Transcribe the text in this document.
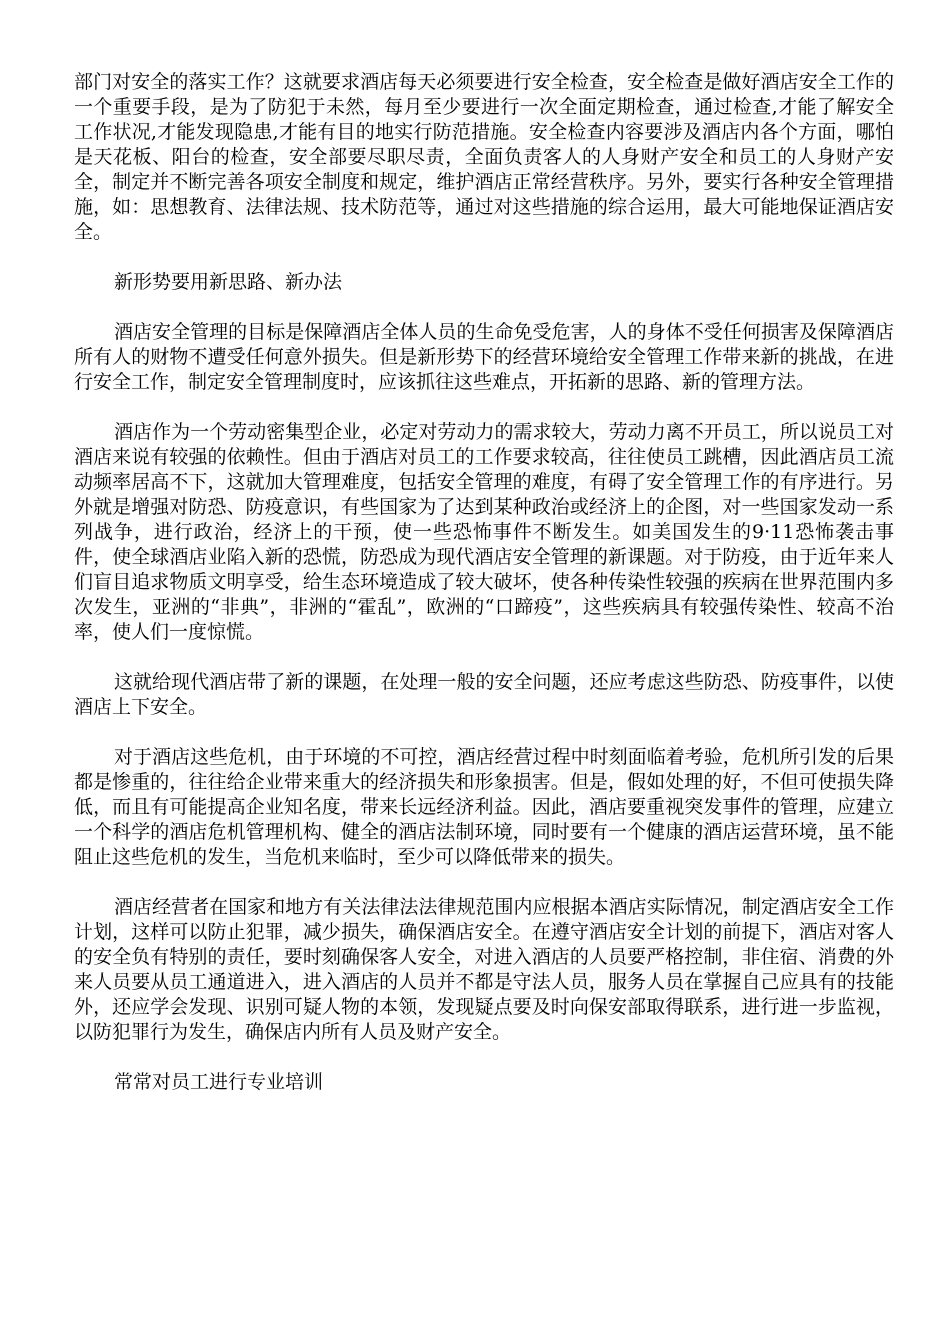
部门对安全的落实工作？这就要求酒店每天必须要进行安全检查，安全检查是做好酒店安全工作的一个重要手段，是为了防犯于未然，每月至少要进行一次全面定期检查，通过检查,才能了解安全工作状况,才能发现隐患,才能有目的地实行防范措施。安全检查内容要涉及酒店内各个方面，哪怕是天花板、阳台的检查，安全部要尽职尽责，全面负责客人的人身财产安全和员工的人身财产安全，制定并不断完善各项安全制度和规定，维护酒店正常经营秩序。另外，要实行各种安全管理措施，如：思想教育、法律法规、技术防范等，通过对这些措施的综合运用，最大可能地保证酒店安全。

新形势要用新思路、新办法

酒店安全管理的目标是保障酒店全体人员的生命免受危害，人的身体不受任何损害及保障酒店所有人的财物不遭受任何意外损失。但是新形势下的经营环境给安全管理工作带来新的挑战，在进行安全工作，制定安全管理制度时，应该抓往这些难点，开拓新的思路、新的管理方法。

酒店作为一个劳动密集型企业，必定对劳动力的需求较大，劳动力离不开员工，所以说员工对酒店来说有较强的依赖性。但由于酒店对员工的工作要求较高，往往使员工跳槽，因此酒店员工流动频率居高不下，这就加大管理难度，包括安全管理的难度，有碍了安全管理工作的有序进行。另外就是增强对防恐、防疫意识，有些国家为了达到某种政治或经济上的企图，对一些国家发动一系列战争，进行政治，经济上的干预，使一些恐怖事件不断发生。如美国发生的9·11恐怖袭击事件，使全球酒店业陷入新的恐慌，防恐成为现代酒店安全管理的新课题。对于防疫，由于近年来人们盲目追求物质文明享受，给生态环境造成了较大破坏，使各种传染性较强的疾病在世界范围内多次发生，亚洲的“非典”，非洲的“霍乱”，欧洲的“口蹄疫”，这些疾病具有较强传染性、较高不治率，使人们一度惊慌。

这就给现代酒店带了新的课题，在处理一般的安全问题，还应考虑这些防恐、防疫事件，以使酒店上下安全。

对于酒店这些危机，由于环境的不可控，酒店经营过程中时刻面临着考验，危机所引发的后果都是惨重的，往往给企业带来重大的经济损失和形象损害。但是，假如处理的好，不但可使损失降低，而且有可能提高企业知名度，带来长远经济利益。因此，酒店要重视突发事件的管理，应建立一个科学的酒店危机管理机构、健全的酒店法制环境，同时要有一个健康的酒店运营环境，虽不能阻止这些危机的发生，当危机来临时，至少可以降低带来的损失。

酒店经营者在国家和地方有关法律法法律规范围内应根据本酒店实际情况，制定酒店安全工作计划，这样可以防止犯罪，减少损失，确保酒店安全。在遵守酒店安全计划的前提下，酒店对客人的安全负有特别的责任，要时刻确保客人安全，对进入酒店的人员要严格控制，非住宿、消费的外来人员要从员工通道进入，进入酒店的人员并不都是守法人员，服务人员在掌握自己应具有的技能外，还应学会发现、识别可疑人物的本领，发现疑点要及时向保安部取得联系，进行进一步监视，以防犯罪行为发生，确保店内所有人员及财产安全。

常常对员工进行专业培训
